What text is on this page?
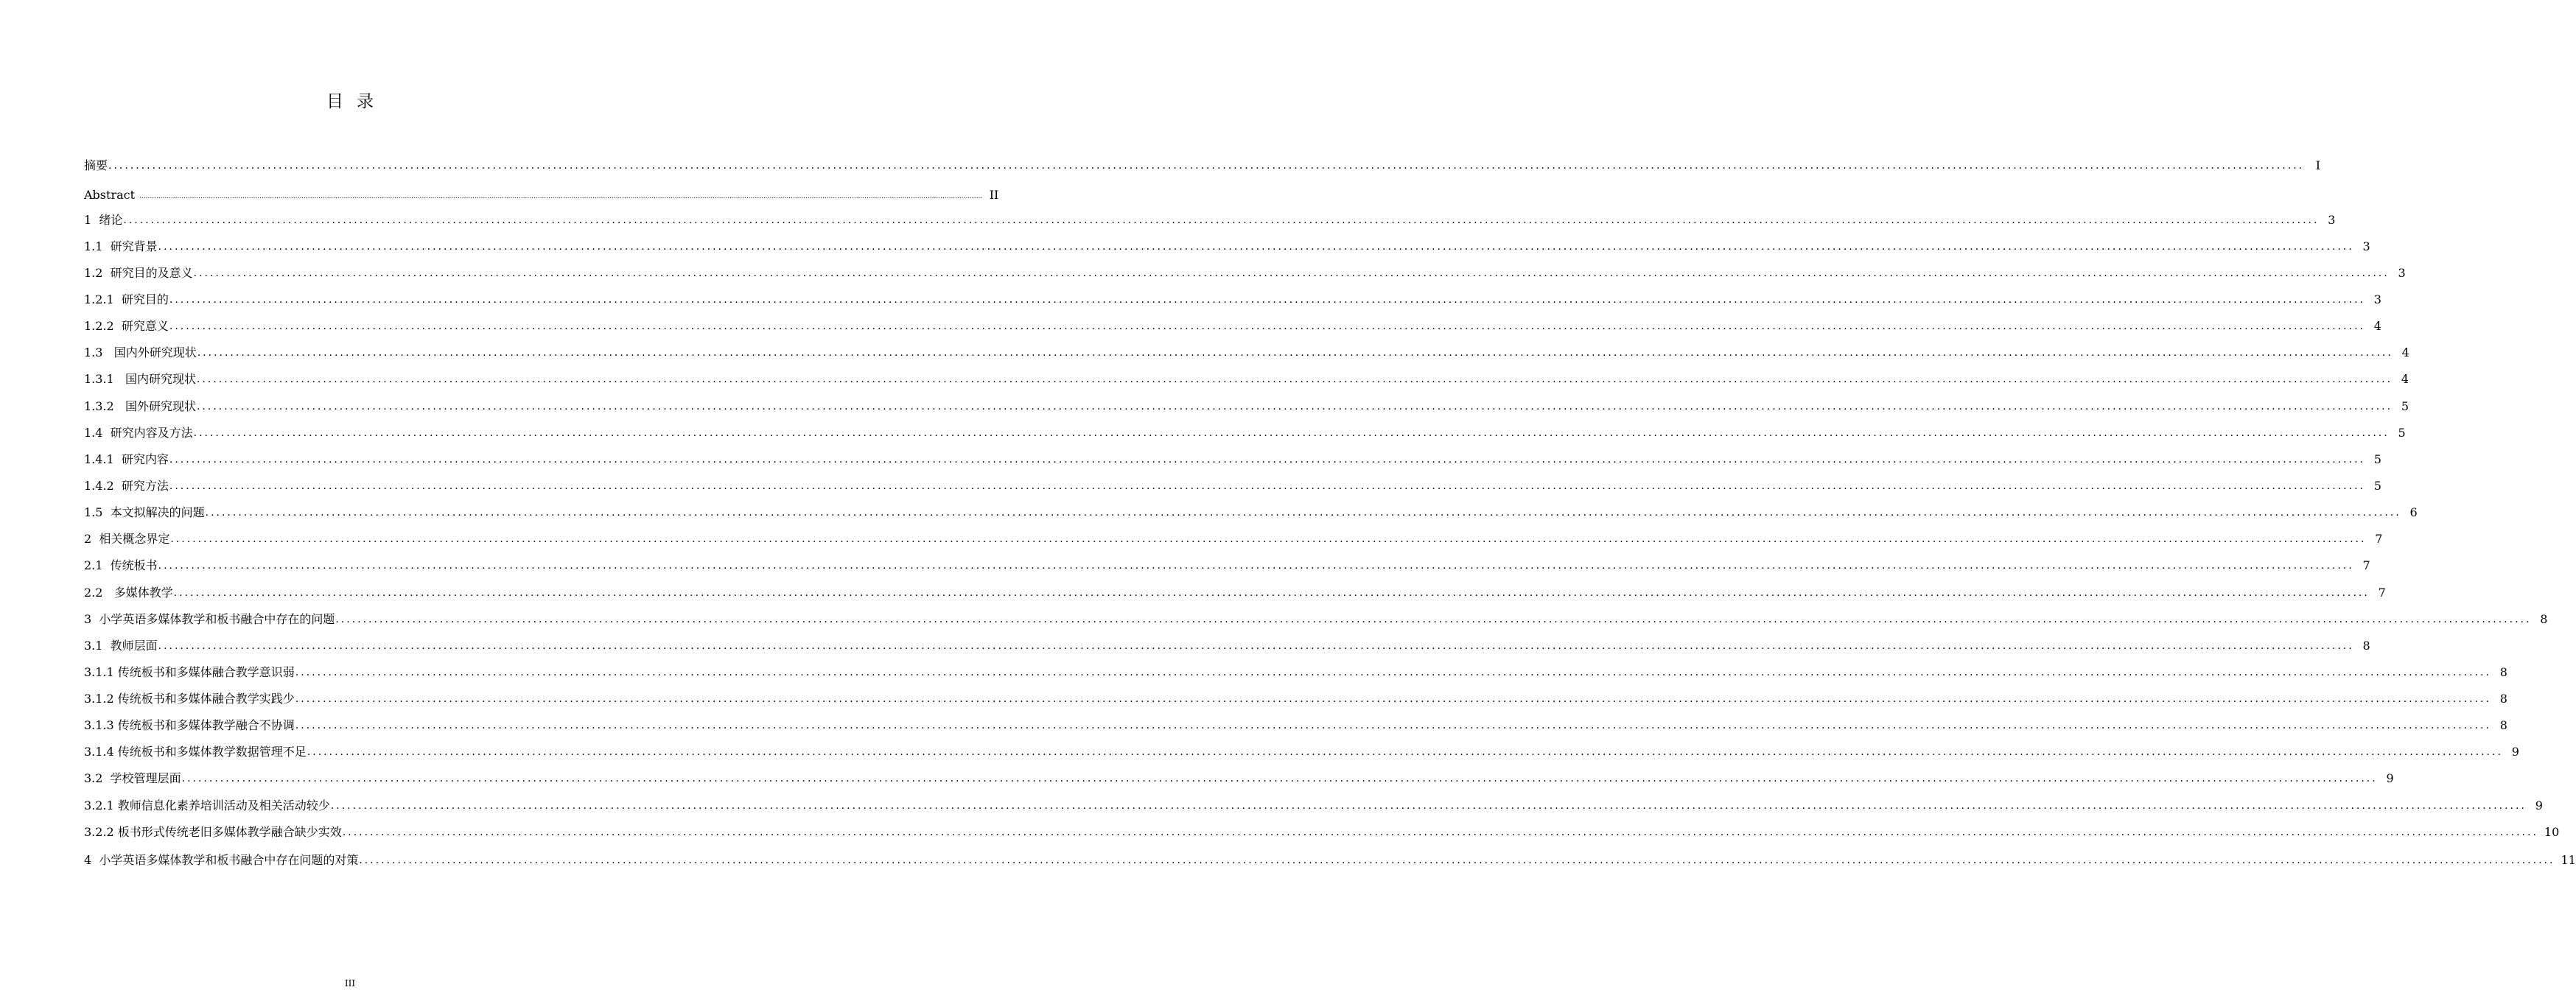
目录
摘要 ................................................................................................................................................................................................................................................................................................................................................................................................................ I
Abstract ................................................................................................................................................................................................................................................................................................................................................................................................................ II
1  绪论 ................................................................................................................................................................................................................................................................................................................................................................................................................ 3
1.1  研究背景 ................................................................................................................................................................................................................................................................................................................................................................................................................ 3
1.2  研究目的及意义 ................................................................................................................................................................................................................................................................................................................................................................................................................ 3
1.2.1  研究目的 ................................................................................................................................................................................................................................................................................................................................................................................................................ 3
1.2.2  研究意义 ................................................................................................................................................................................................................................................................................................................................................................................................................ 4
1.3   国内外研究现状 ................................................................................................................................................................................................................................................................................................................................................................................................................ 4
1.3.1   国内研究现状 ................................................................................................................................................................................................................................................................................................................................................................................................................ 4
1.3.2   国外研究现状 ................................................................................................................................................................................................................................................................................................................................................................................................................ 5
1.4  研究内容及方法 ................................................................................................................................................................................................................................................................................................................................................................................................................ 5
1.4.1  研究内容 ................................................................................................................................................................................................................................................................................................................................................................................................................ 5
1.4.2  研究方法 ................................................................................................................................................................................................................................................................................................................................................................................................................ 5
1.5  本文拟解决的问题 ................................................................................................................................................................................................................................................................................................................................................................................................................ 6
2  相关概念界定 ................................................................................................................................................................................................................................................................................................................................................................................................................ 7
2.1  传统板书 ................................................................................................................................................................................................................................................................................................................................................................................................................ 7
2.2   多媒体教学 ................................................................................................................................................................................................................................................................................................................................................................................................................ 7
3  小学英语多媒体教学和板书融合中存在的问题 ................................................................................................................................................................................................................................................................................................................................................................................................................ 8
3.1  教师层面 ................................................................................................................................................................................................................................................................................................................................................................................................................ 8
3.1.1 传统板书和多媒体融合教学意识弱 ................................................................................................................................................................................................................................................................................................................................................................................................................ 8
3.1.2 传统板书和多媒体融合教学实践少 ................................................................................................................................................................................................................................................................................................................................................................................................................ 8
3.1.3 传统板书和多媒体教学融合不协调 ................................................................................................................................................................................................................................................................................................................................................................................................................ 8
3.1.4 传统板书和多媒体教学数据管理不足 ................................................................................................................................................................................................................................................................................................................................................................................................................ 9
3.2  学校管理层面 ................................................................................................................................................................................................................................................................................................................................................................................................................ 9
3.2.1 教师信息化素养培训活动及相关活动较少 ................................................................................................................................................................................................................................................................................................................................................................................................................ 9
3.2.2 板书形式传统老旧多媒体教学融合缺少实效 ................................................................................................................................................................................................................................................................................................................................................................................................................ 10
4  小学英语多媒体教学和板书融合中存在问题的对策 ................................................................................................................................................................................................................................................................................................................................................................................................................ 11
III
